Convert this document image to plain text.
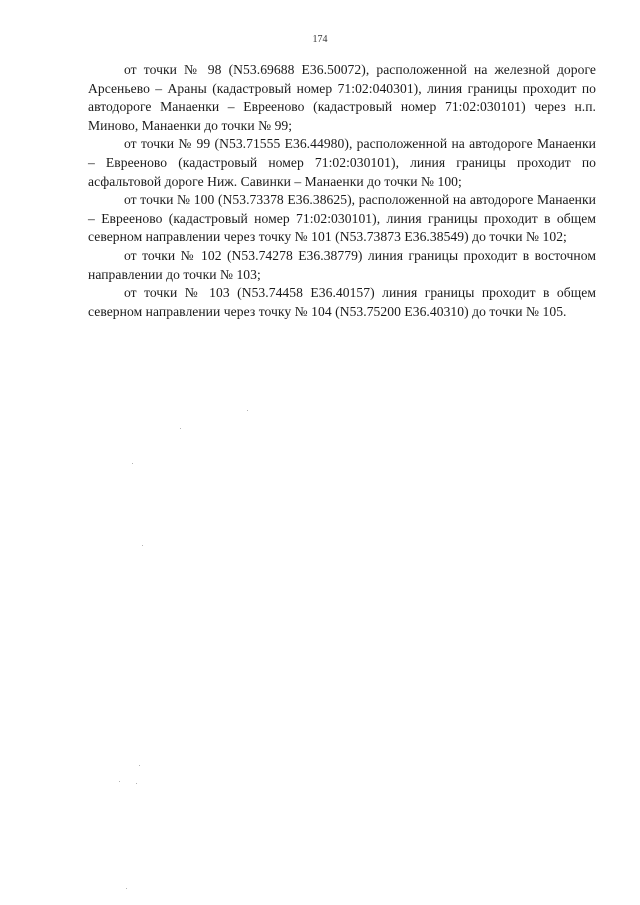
174

от точки № 98 (N53.69688 E36.50072), расположенной на железной дороге Арсеньево – Араны (кадастровый номер 71:02:040301), линия границы проходит по автодороге Манаенки – Еврееново (кадастровый номер 71:02:030101) через н.п. Миново, Манаенки до точки № 99;

от точки № 99 (N53.71555 E36.44980), расположенной на автодороге Манаенки – Еврееново (кадастровый номер 71:02:030101), линия границы проходит по асфальтовой дороге Ниж. Савинки – Манаенки до точки № 100;

от точки № 100 (N53.73378 E36.38625), расположенной на автодороге Манаенки – Евреeново (кадастровый номер 71:02:030101), линия границы проходит в общем северном направлении через точку № 101 (N53.73873 E36.38549) до точки № 102;

от точки № 102 (N53.74278 E36.38779) линия границы проходит в восточном направлении до точки № 103;

от точки № 103 (N53.74458 E36.40157) линия границы проходит в общем северном направлении через точку № 104 (N53.75200 E36.40310) до точки № 105.
